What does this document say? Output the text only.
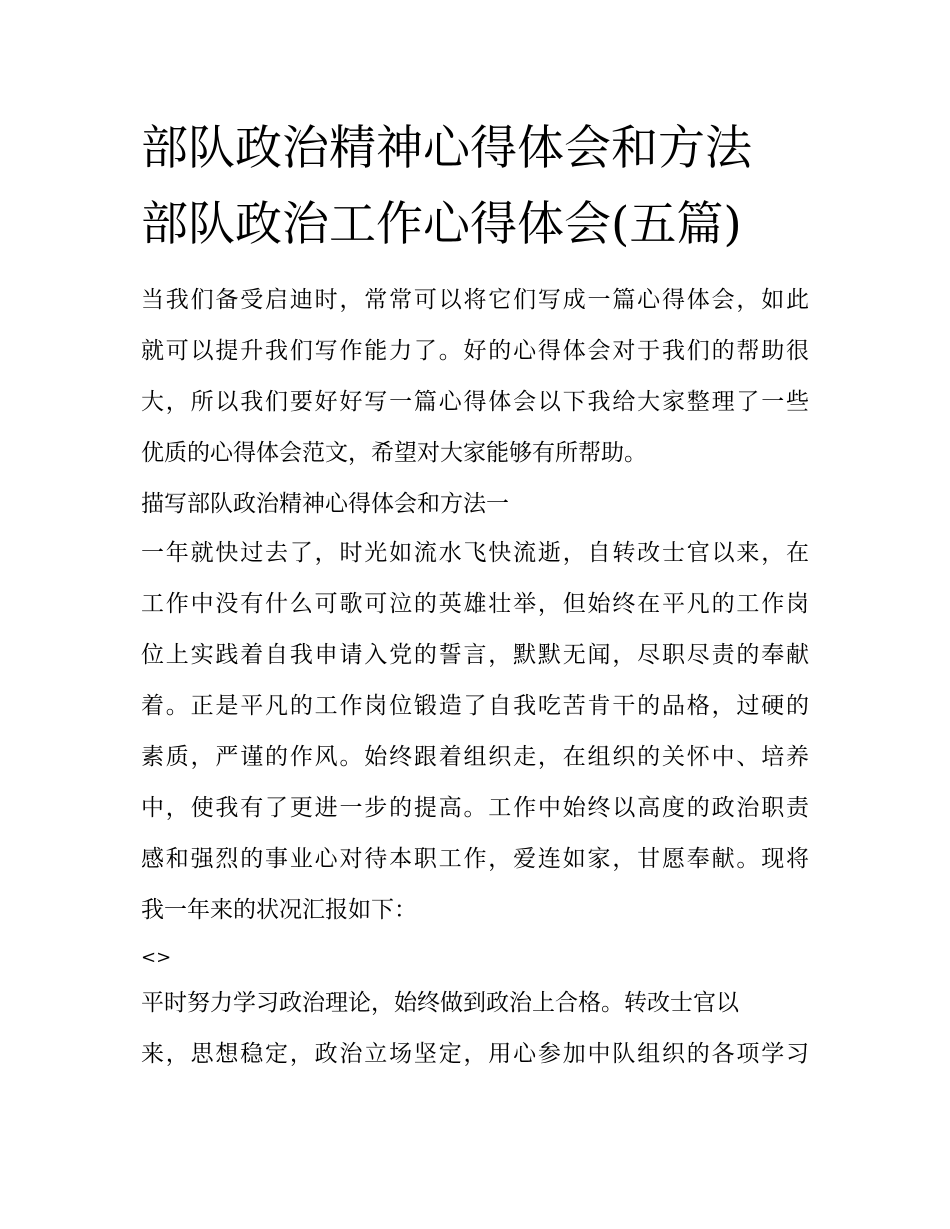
部队政治精神心得体会和方法
部队政治工作心得体会(五篇)
当我们备受启迪时，常常可以将它们写成一篇心得体会，如此
就可以提升我们写作能力了。好的心得体会对于我们的帮助很
大，所以我们要好好写一篇心得体会以下我给大家整理了一些
优质的心得体会范文，希望对大家能够有所帮助。
描写部队政治精神心得体会和方法一
一年就快过去了，时光如流水飞快流逝，自转改士官以来，在
工作中没有什么可歌可泣的英雄壮举，但始终在平凡的工作岗
位上实践着自我申请入党的誓言，默默无闻，尽职尽责的奉献
着。正是平凡的工作岗位锻造了自我吃苦肯干的品格，过硬的
素质，严谨的作风。始终跟着组织走，在组织的关怀中、培养
中，使我有了更进一步的提高。工作中始终以高度的政治职责
感和强烈的事业心对待本职工作，爱连如家，甘愿奉献。现将
我一年来的状况汇报如下：
<>
平时努力学习政治理论，始终做到政治上合格。转改士官以
来，思想稳定，政治立场坚定，用心参加中队组织的各项学习
